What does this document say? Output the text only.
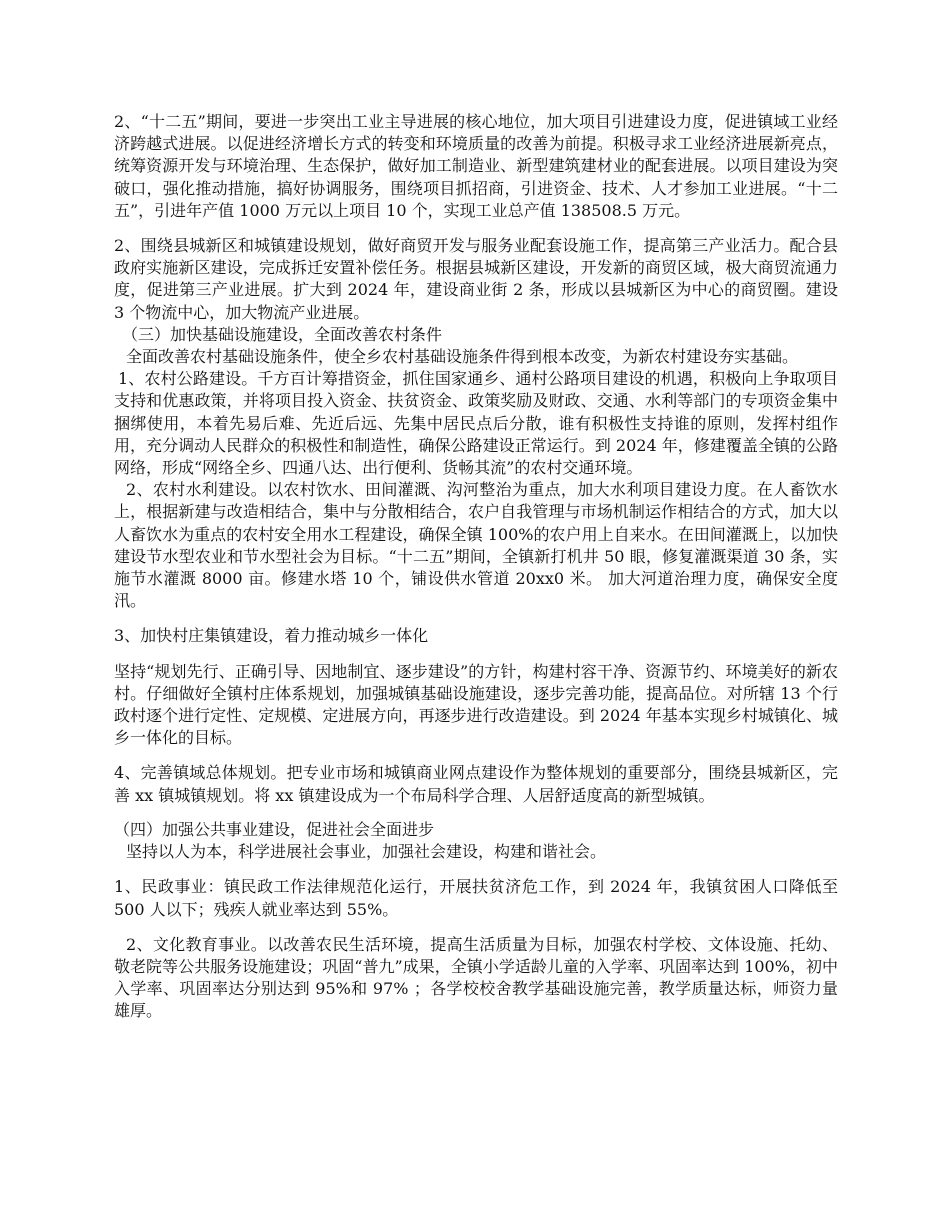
2、“十二五”期间，要进一步突出工业主导进展的核心地位，加大项目引进建设力度，促进镇域工业经济跨越式进展。以促进经济增长方式的转变和环境质量的改善为前提。积极寻求工业经济进展新亮点，统筹资源开发与环境治理、生态保护，做好加工制造业、新型建筑建材业的配套进展。以项目建设为突破口，强化推动措施，搞好协调服务，围绕项目抓招商，引进资金、技术、人才参加工业进展。“十二五”，引进年产值 1000 万元以上项目 10 个，实现工业总产值 138508.5 万元。

2、围绕县城新区和城镇建设规划，做好商贸开发与服务业配套设施工作，提高第三产业活力。配合县政府实施新区建设，完成拆迁安置补偿任务。根据县城新区建设，开发新的商贸区域，极大商贸流通力度，促进第三产业进展。扩大到 2024 年，建设商业街 2 条，形成以县城新区为中心的商贸圈。建设 3 个物流中心，加大物流产业进展。

（三）加快基础设施建设，全面改善农村条件

全面改善农村基础设施条件，使全乡农村基础设施条件得到根本改变，为新农村建设夯实基础。

1、农村公路建设。千方百计筹措资金，抓住国家通乡、通村公路项目建设的机遇，积极向上争取项目支持和优惠政策，并将项目投入资金、扶贫资金、政策奖励及财政、交通、水利等部门的专项资金集中捆绑使用，本着先易后难、先近后远、先集中居民点后分散，谁有积极性支持谁的原则，发挥村组作用，充分调动人民群众的积极性和制造性，确保公路建设正常运行。到 2024 年，修建覆盖全镇的公路网络，形成“网络全乡、四通八达、出行便利、货畅其流”的农村交通环境。

2、农村水利建设。以农村饮水、田间灌溉、沟河整治为重点，加大水利项目建设力度。在人畜饮水上，根据新建与改造相结合，集中与分散相结合，农户自我管理与市场机制运作相结合的方式，加大以人畜饮水为重点的农村安全用水工程建设，确保全镇 100%的农户用上自来水。在田间灌溉上，以加快建设节水型农业和节水型社会为目标。“十二五”期间，全镇新打机井 50 眼，修复灌溉渠道 30 条，实施节水灌溉 8000 亩。修建水塔 10 个，铺设供水管道 20xx0 米。 加大河道治理力度，确保安全度汛。

3、加快村庄集镇建设，着力推动城乡一体化

坚持“规划先行、正确引导、因地制宜、逐步建设”的方针，构建村容干净、资源节约、环境美好的新农村。仔细做好全镇村庄体系规划，加强城镇基础设施建设，逐步完善功能，提高品位。对所辖 13 个行政村逐个进行定性、定规模、定进展方向，再逐步进行改造建设。到 2024 年基本实现乡村城镇化、城乡一体化的目标。

4、完善镇域总体规划。把专业市场和城镇商业网点建设作为整体规划的重要部分，围绕县城新区，完善 xx 镇城镇规划。将 xx 镇建设成为一个布局科学合理、人居舒适度高的新型城镇。

（四）加强公共事业建设，促进社会全面进步

坚持以人为本，科学进展社会事业，加强社会建设，构建和谐社会。

1、民政事业：镇民政工作法律规范化运行，开展扶贫济危工作，到 2024 年，我镇贫困人口降低至 500 人以下；残疾人就业率达到 55%。

2、文化教育事业。以改善农民生活环境，提高生活质量为目标，加强农村学校、文体设施、托幼、敬老院等公共服务设施建设；巩固“普九”成果，全镇小学适龄儿童的入学率、巩固率达到 100%，初中入学率、巩固率达分别达到 95%和 97% ；各学校校舍教学基础设施完善，教学质量达标，师资力量雄厚。
